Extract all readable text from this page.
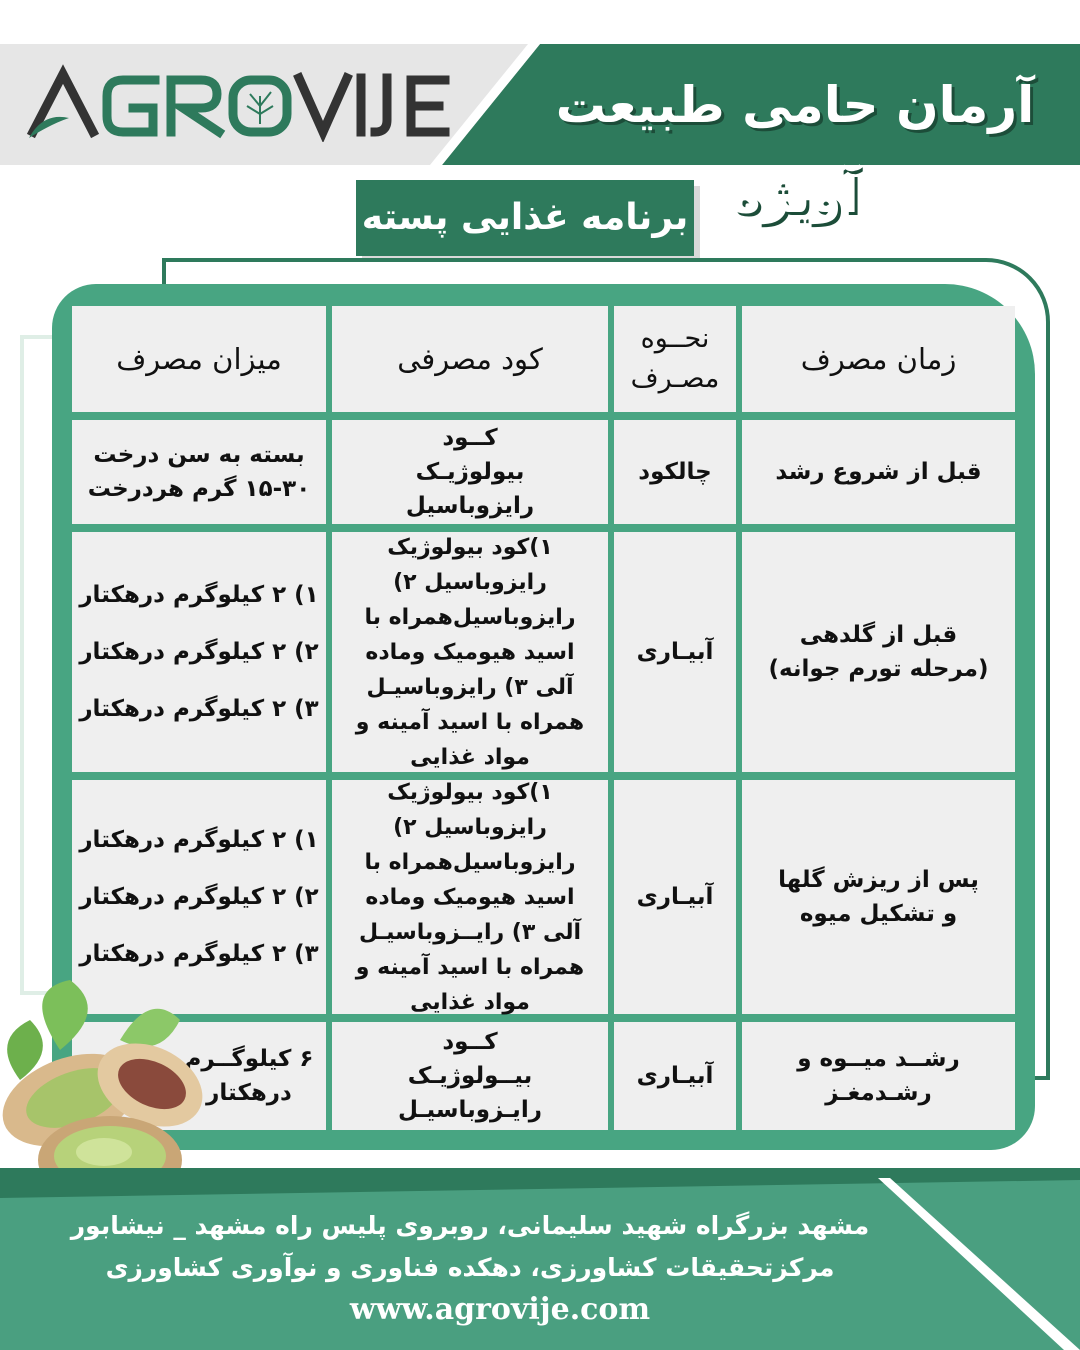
آرمان حامی طبیعت آویژه
برنامه غذایی پسته
زمان مصرف
نحــوه مصـرف
کود مصرفی
میزان مصرف
قبل از شروع رشد
چالکود
کــود بیولوژیـک رایزوباسیل
بسته به سن درخت ۳۰-۱۵ گرم هردرخت
قبل از گلدهی (مرحله تورم جوانه)
آبیـاری
۱)کود بیولوژیک رایزوباسیل ۲) رایزوباسیل‌همراه با اسید هیومیک وماده آلی ۳) رایزوباسیـل همراه با اسید آمینه و مواد غذایی
۱) ۲ کیلوگرم درهکتار
۲) ۲ کیلوگرم درهکتار
۳) ۲ کیلوگرم درهکتار
پس از ریزش گلها و تشکیل میوه
آبیـاری
۱)کود بیولوژیک رایزوباسیل ۲) رایزوباسیل‌همراه با اسید هیومیک وماده آلی ۳) رایــزوباسیـل همراه با اسید آمینه و مواد غذایی
۱) ۲ کیلوگرم درهکتار
۲) ۲ کیلوگرم درهکتار
۳) ۲ کیلوگرم درهکتار
رشــد میــوه و رشـدمغـز
آبیـاری
کــود بیــولوژیـک رایـزوباسیـل
۶ کیلوگــرم درهکتار
مشهد بزرگراه شهید سلیمانی، روبروی پلیس راه مشهد _ نیشابور
مرکزتحقیقات کشاورزی، دهکده فناوری و نوآوری کشاورزی
www.agrovije.com
